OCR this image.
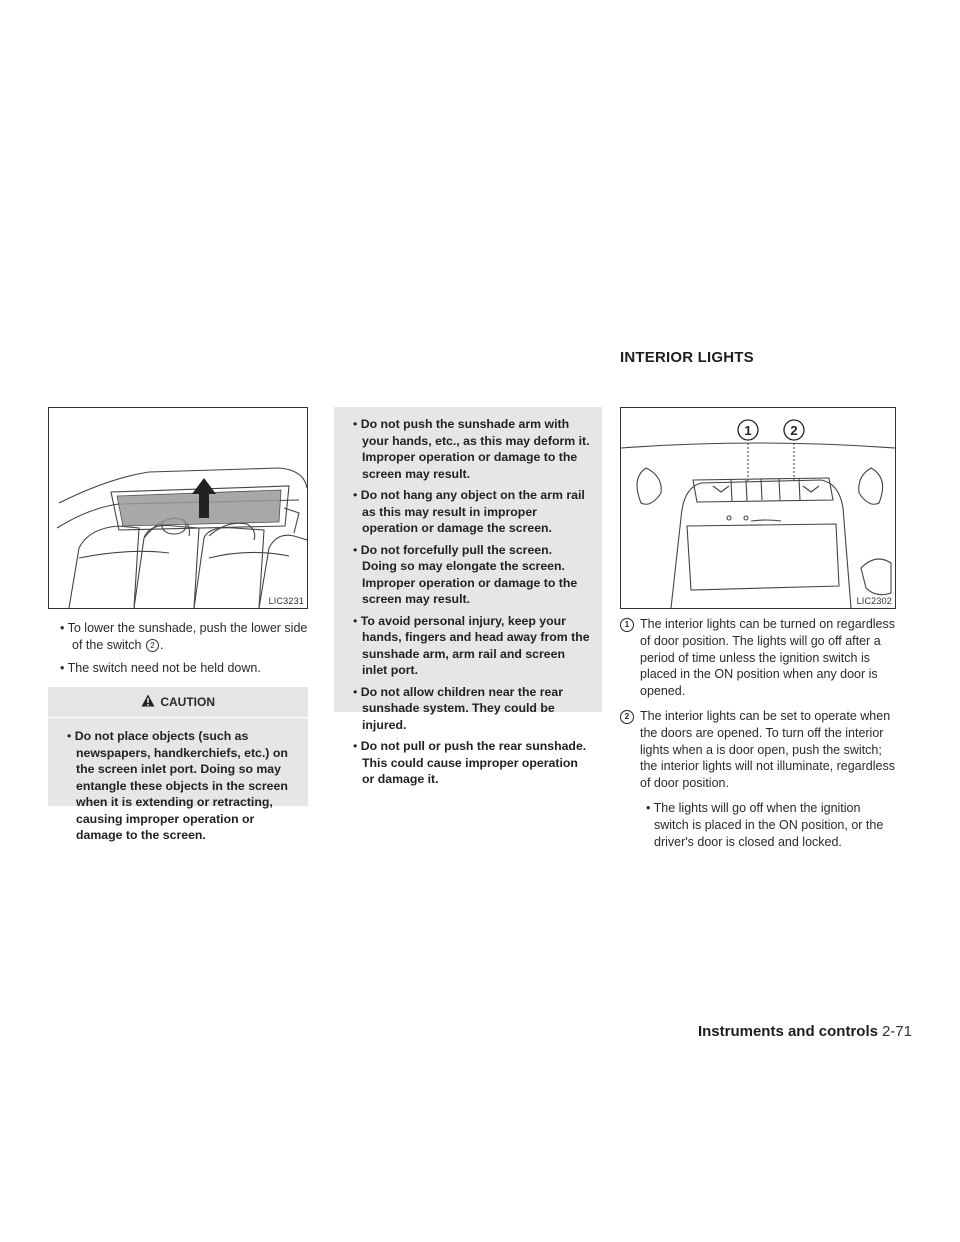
LIC3231

• To lower the sunshade, push the lower side of the switch 2 .

• The switch need not be held down.

CAUTION

• Do not place objects (such as newspapers, handkerchiefs, etc.) on the screen inlet port. Doing so may entangle these objects in the screen when it is extending or retracting, causing improper operation or damage to the screen.

• Do not push the sunshade arm with your hands, etc., as this may deform it. Improper operation or damage to the screen may result.

• Do not hang any object on the arm rail as this may result in improper operation or damage the screen.

• Do not forcefully pull the screen. Doing so may elongate the screen. Improper operation or damage to the screen may result.

• To avoid personal injury, keep your hands, fingers and head away from the sunshade arm, arm rail and screen inlet port.

• Do not allow children near the rear sunshade system. They could be injured.

• Do not pull or push the rear sunshade. This could cause improper operation or damage it.

INTERIOR LIGHTS
1	2
LIC2302
1 The interior lights can be turned on regardless of door position. The lights will go off after a period of time unless the ignition switch is placed in the ON position when any door is opened.
2 The interior lights can be set to operate when the doors are opened. To turn off the interior lights when a is door open, push the switch; the interior lights will not illuminate, regardless of door position.

• The lights will go off when the ignition switch is placed in the ON position, or the driver's door is closed and locked.

Instruments and controls 2-71
